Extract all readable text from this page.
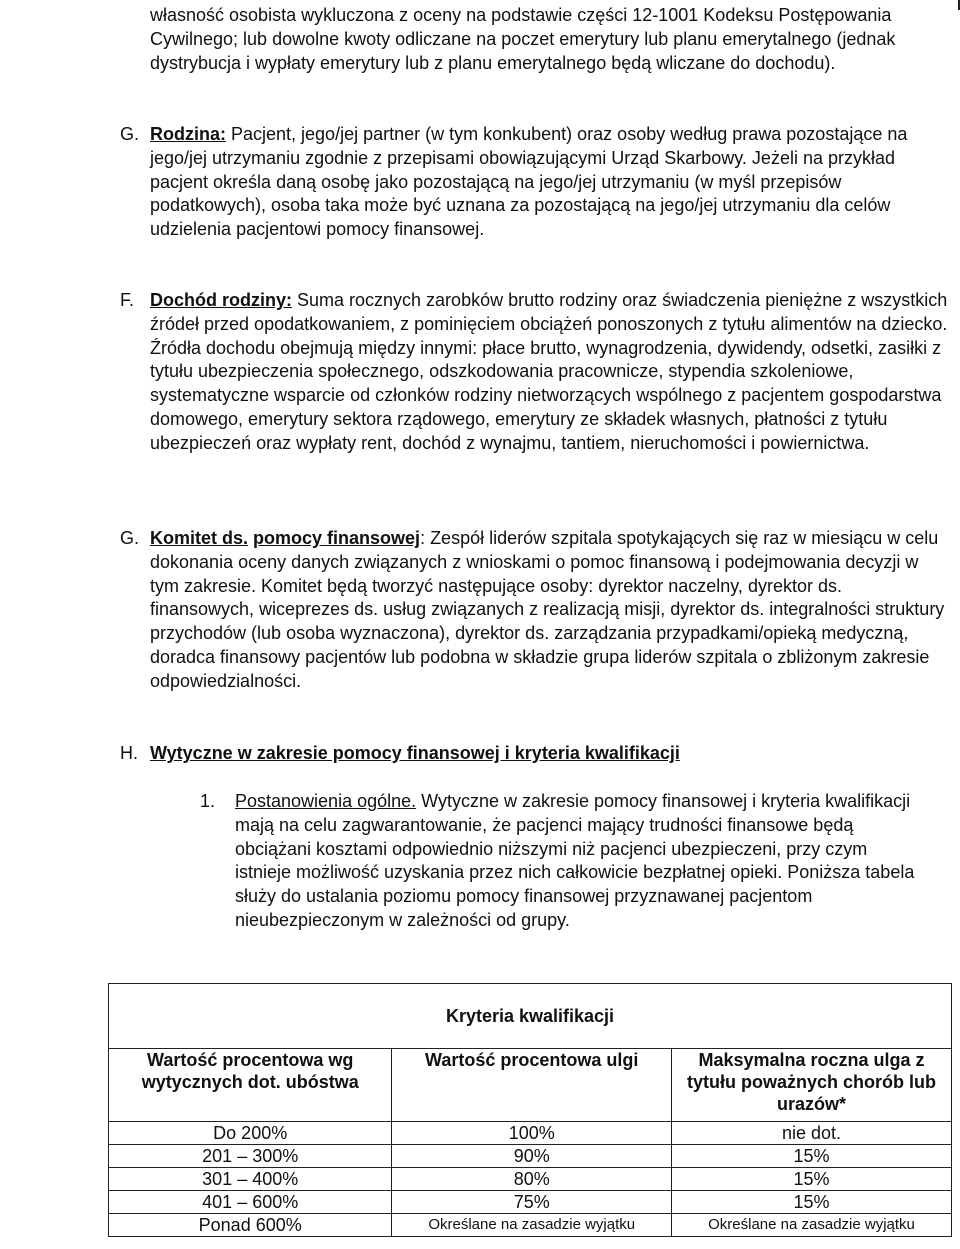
własność osobista wykluczona z oceny na podstawie części 12-1001 Kodeksu Postępowania Cywilnego; lub dowolne kwoty odliczane na poczet emerytury lub planu emerytalnego (jednak dystrybucja i wypłaty emerytury lub z planu emerytalnego będą wliczane do dochodu).
G. Rodzina: Pacjent, jego/jej partner (w tym konkubent) oraz osoby według prawa pozostające na jego/jej utrzymaniu zgodnie z przepisami obowiązującymi Urząd Skarbowy. Jeżeli na przykład pacjent określa daną osobę jako pozostającą na jego/jej utrzymaniu (w myśl przepisów podatkowych), osoba taka może być uznana za pozostającą na jego/jej utrzymaniu dla celów udzielenia pacjentowi pomocy finansowej.
F. Dochód rodziny: Suma rocznych zarobków brutto rodziny oraz świadczenia pieniężne z wszystkich źródeł przed opodatkowaniem, z pominięciem obciążeń ponoszonych z tytułu alimentów na dziecko. Źródła dochodu obejmują między innymi: płace brutto, wynagrodzenia, dywidendy, odsetki, zasiłki z tytułu ubezpieczenia społecznego, odszkodowania pracownicze, stypendia szkoleniowe, systematyczne wsparcie od członków rodziny nietworzących wspólnego z pacjentem gospodarstwa domowego, emerytury sektora rządowego, emerytury ze składek własnych, płatności z tytułu ubezpieczeń oraz wypłaty rent, dochód z wynajmu, tantiem, nieruchomości i powiernictwa.
G. Komitet ds. pomocy finansowej: Zespół liderów szpitala spotykających się raz w miesiącu w celu dokonania oceny danych związanych z wnioskami o pomoc finansową i podejmowania decyzji w tym zakresie. Komitet będą tworzyć następujące osoby: dyrektor naczelny, dyrektor ds. finansowych, wiceprezes ds. usług związanych z realizacją misji, dyrektor ds. integralności struktury przychodów (lub osoba wyznaczona), dyrektor ds. zarządzania przypadkami/opieką medyczną, doradca finansowy pacjentów lub podobna w składzie grupa liderów szpitala o zbliżonym zakresie odpowiedzialności.
H. Wytyczne w zakresie pomocy finansowej i kryteria kwalifikacji
1.	Postanowienia ogólne. Wytyczne w zakresie pomocy finansowej i kryteria kwalifikacji mają na celu zagwarantowanie, że pacjenci mający trudności finansowe będą obciążani kosztami odpowiednio niższymi niż pacjenci ubezpieczeni, przy czym istnieje możliwość uzyskania przez nich całkowicie bezpłatnej opieki. Poniższa tabela służy do ustalania poziomu pomocy finansowej przyznawanej pacjentom nieubezpieczonym w zależności od grupy.
Kryteria kwalifikacji		
Wartość procentowa wg wytycznych dot. ubóstwa	Wartość procentowa ulgi	Maksymalna roczna ulga z tytułu poważnych chorób lub urazów*
Do 200%	100%	nie dot.
201 – 300%	90%	15%
301 – 400%	80%	15%
401 – 600%	75%	15%
Ponad 600%	Określane na zasadzie wyjątku	Określane na zasadzie wyjątku
